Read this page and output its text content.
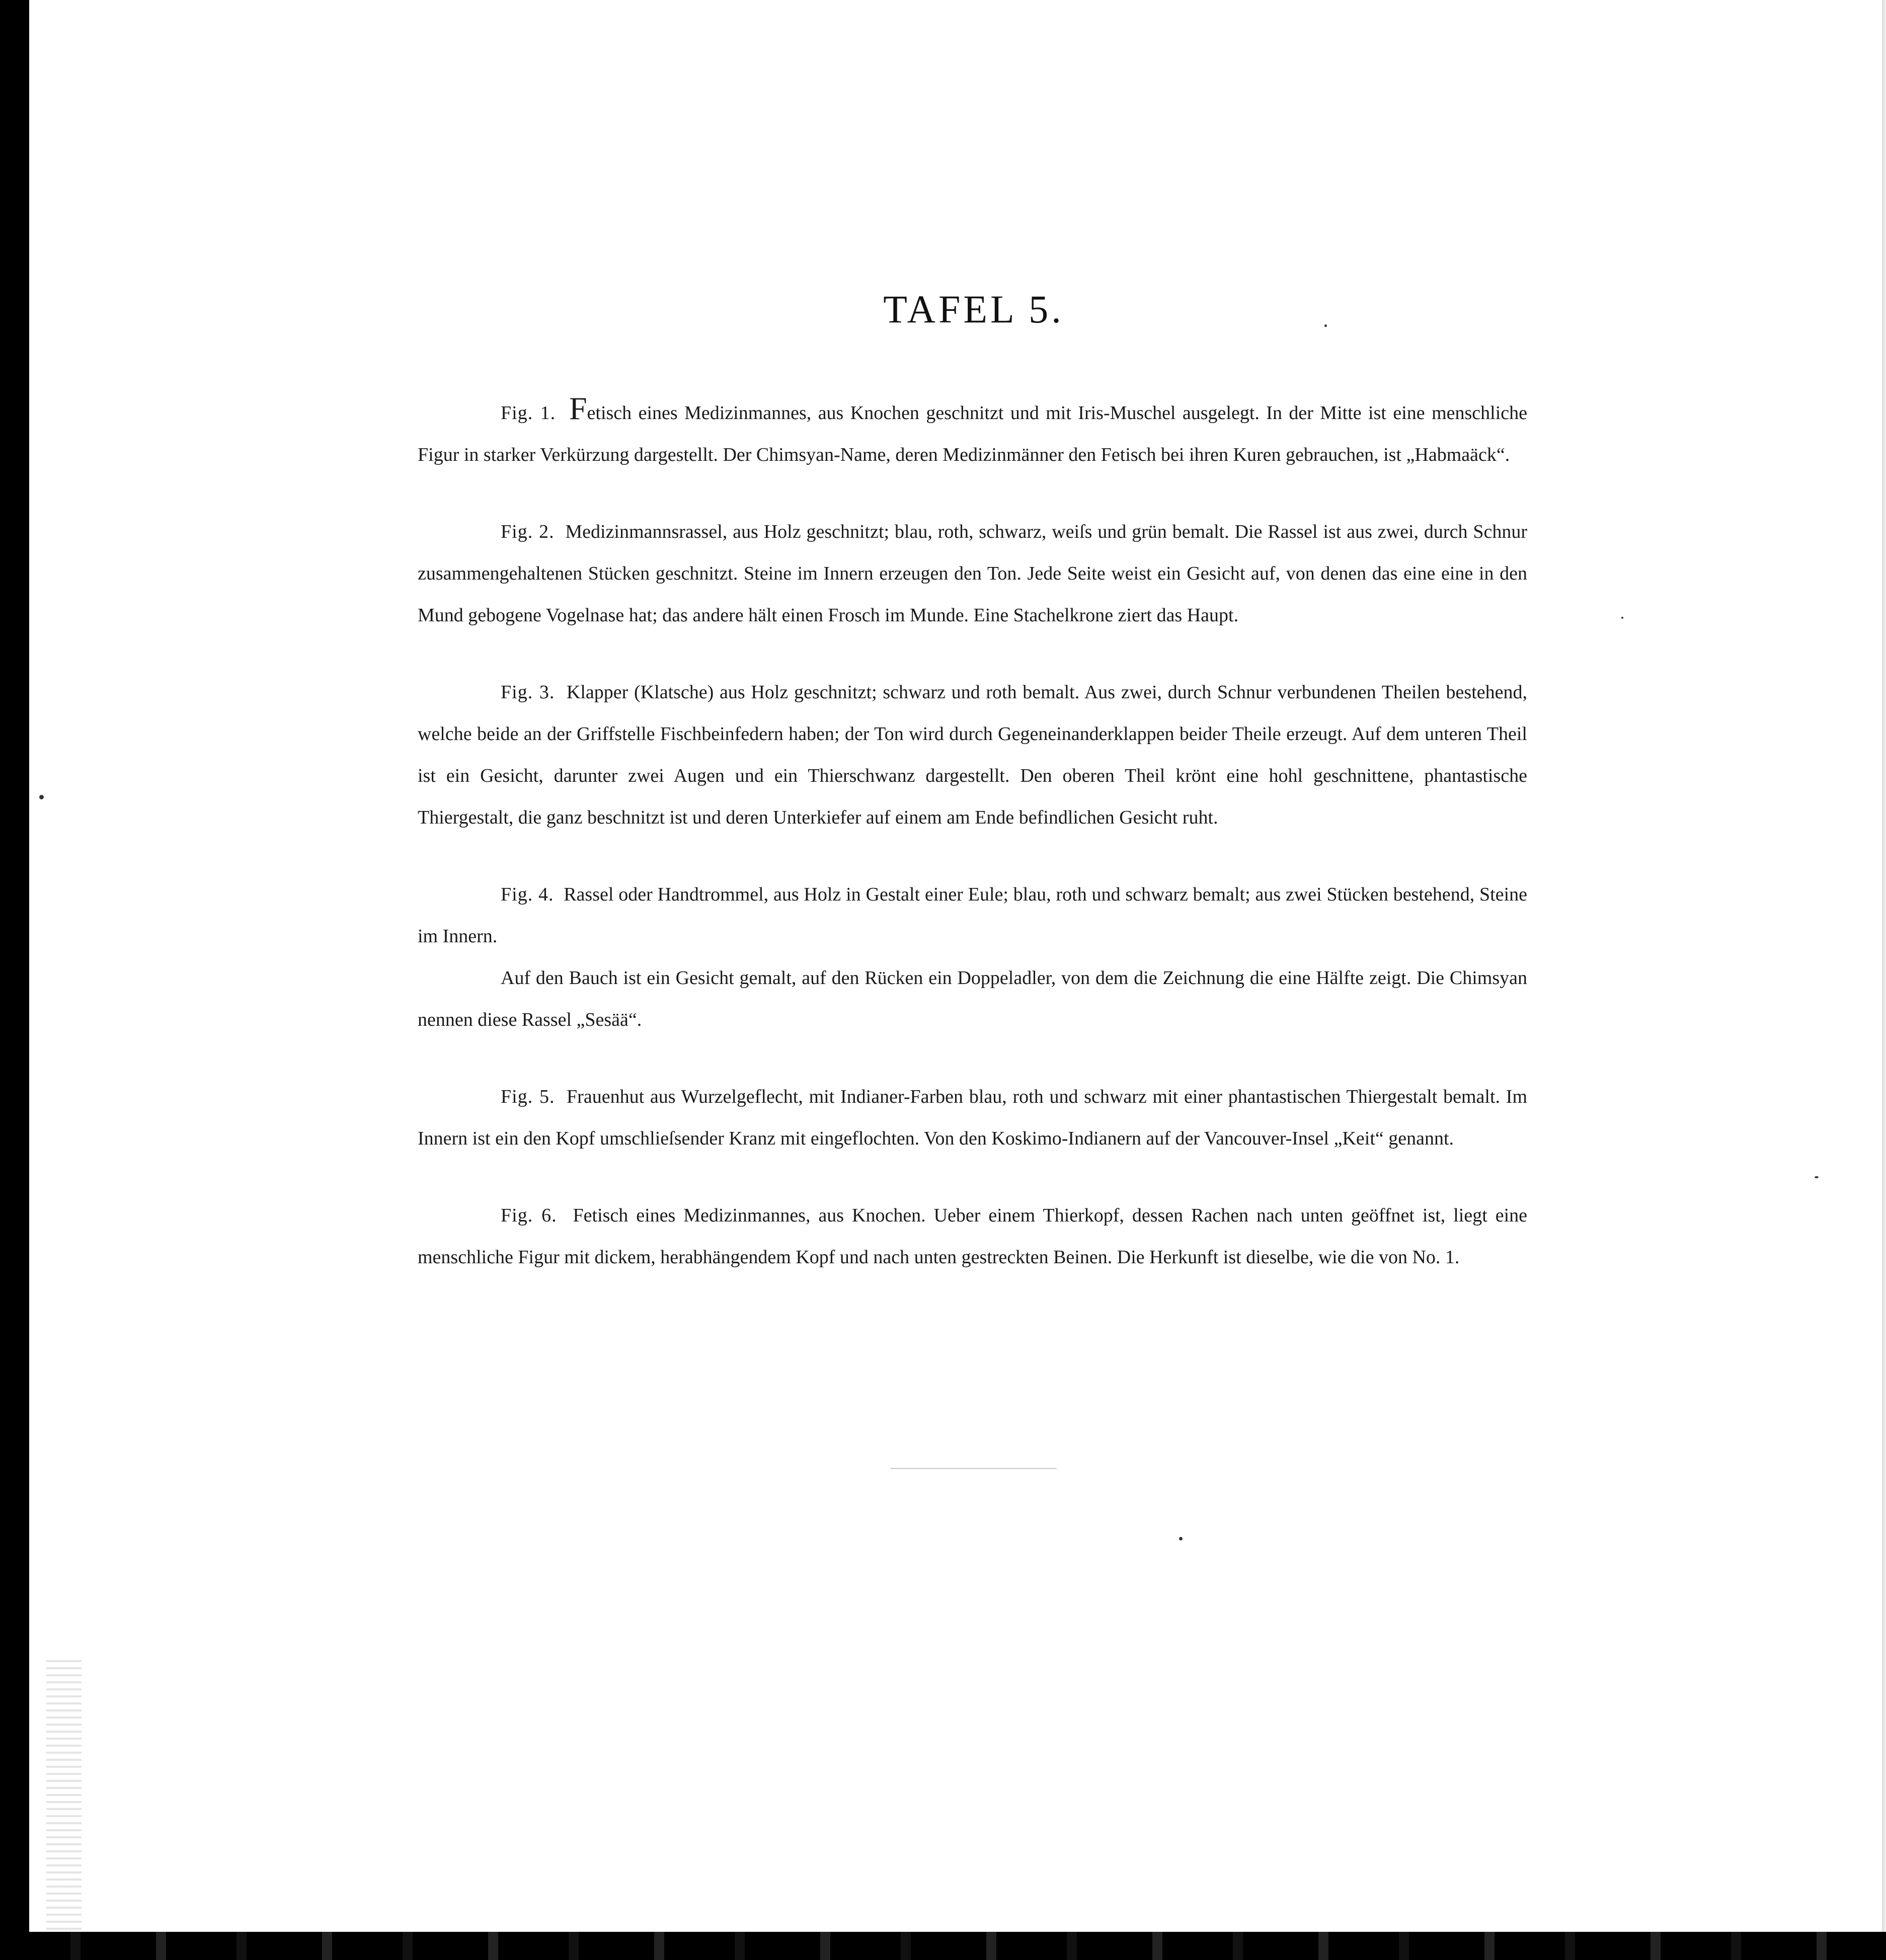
TAFEL 5.

Fig. 1. Fetisch eines Medizinmannes, aus Knochen geschnitzt und mit Iris-Muschel ausgelegt. In der Mitte ist eine menschliche Figur in starker Verkürzung dargestellt. Der Chimsyan-Name, deren Medizinmänner den Fetisch bei ihren Kuren gebrauchen, ist „Habmaäck“.

Fig. 2. Medizinmannsrassel, aus Holz geschnitzt; blau, roth, schwarz, weiſs und grün bemalt. Die Rassel ist aus zwei, durch Schnur zusammengehaltenen Stücken geschnitzt. Steine im Innern erzeugen den Ton. Jede Seite weist ein Gesicht auf, von denen das eine eine in den Mund gebogene Vogelnase hat; das andere hält einen Frosch im Munde. Eine Stachelkrone ziert das Haupt.

Fig. 3. Klapper (Klatsche) aus Holz geschnitzt; schwarz und roth bemalt. Aus zwei, durch Schnur verbundenen Theilen bestehend, welche beide an der Griffstelle Fischbeinfedern haben; der Ton wird durch Gegeneinanderklappen beider Theile erzeugt. Auf dem unteren Theil ist ein Gesicht, darunter zwei Augen und ein Thierschwanz dargestellt. Den oberen Theil krönt eine hohl geschnittene, phantastische Thiergestalt, die ganz beschnitzt ist und deren Unterkiefer auf einem am Ende befindlichen Gesicht ruht.

Fig. 4. Rassel oder Handtrommel, aus Holz in Gestalt einer Eule; blau, roth und schwarz bemalt; aus zwei Stücken bestehend, Steine im Innern.

Auf den Bauch ist ein Gesicht gemalt, auf den Rücken ein Doppeladler, von dem die Zeichnung die eine Hälfte zeigt. Die Chimsyan nennen diese Rassel „Sesää“.

Fig. 5. Frauenhut aus Wurzelgeflecht, mit Indianer-Farben blau, roth und schwarz mit einer phantastischen Thiergestalt bemalt. Im Innern ist ein den Kopf umschlieſsender Kranz mit eingeflochten. Von den Koskimo-Indianern auf der Vancouver-Insel „Keit“ genannt.

Fig. 6. Fetisch eines Medizinmannes, aus Knochen. Ueber einem Thierkopf, dessen Rachen nach unten geöffnet ist, liegt eine menschliche Figur mit dickem, herabhängendem Kopf und nach unten gestreckten Beinen. Die Herkunft ist dieselbe, wie die von No. 1.
